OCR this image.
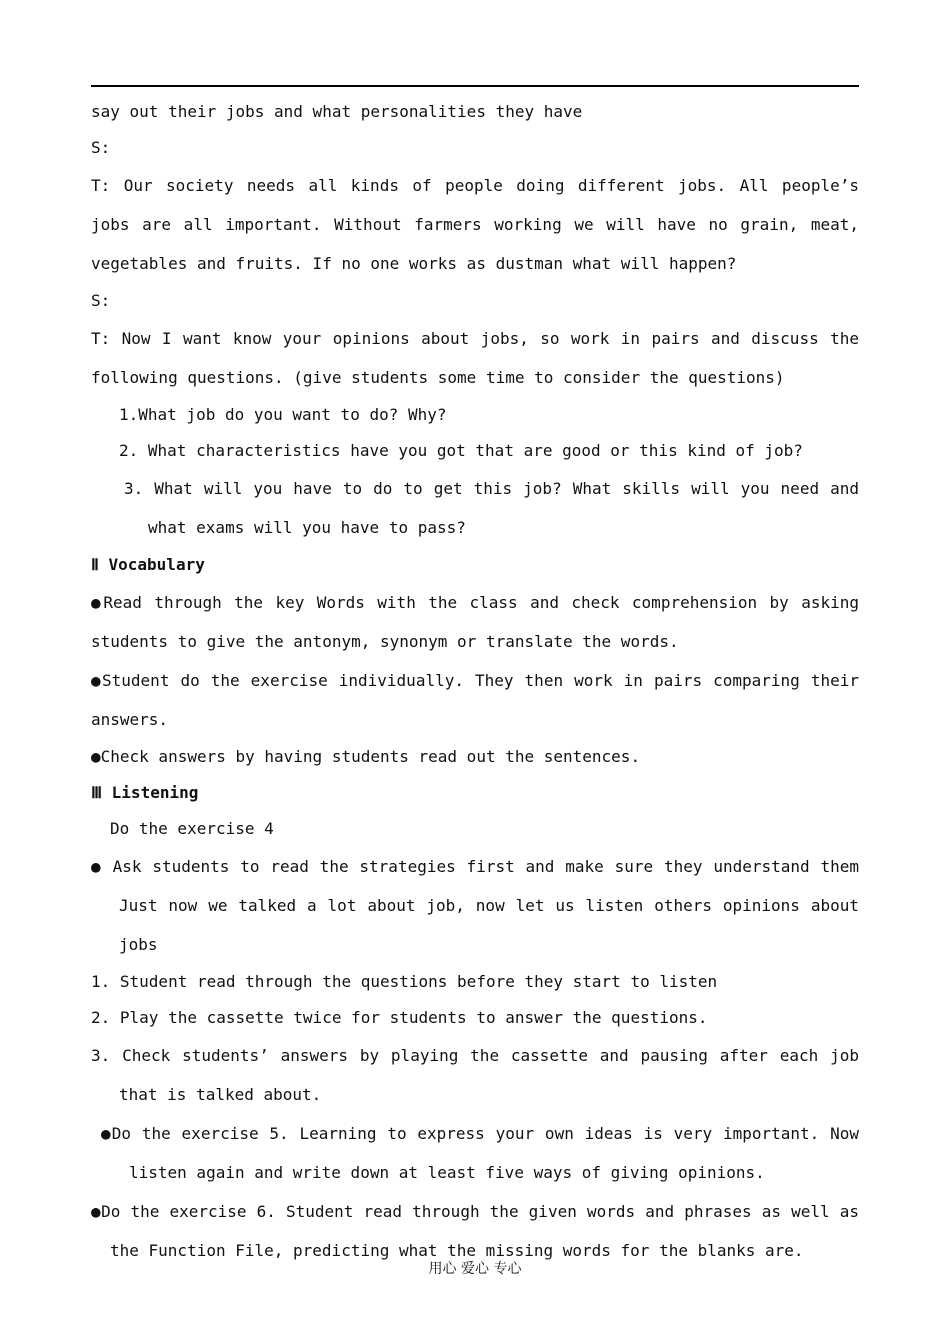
say out their jobs and what personalities they have

S:

T: Our society needs all kinds of people doing different jobs. All people’s jobs are all important. Without farmers working we will have no grain, meat, vegetables and fruits. If no one works as dustman what will happen?

S:

T: Now I want know your opinions about jobs, so work in pairs and discuss the following questions. (give students some time to consider the questions)

1.What job do you want to do? Why?

2. What characteristics have you got that are good or this kind of job?

3. What will you have to do to get this job? What skills will you need and what exams will you have to pass?

Ⅱ Vocabulary

●Read through the key Words with the class and check comprehension by asking students to give the antonym, synonym or translate the words.

●Student do the exercise individually. They then work in pairs comparing their answers.

●Check answers by having students read out the sentences.

Ⅲ Listening

Do the exercise 4

● Ask students to read the strategies first and make sure they understand them Just now we talked a lot about job, now let us listen others opinions about jobs

1. Student read through the questions before they start to listen

2. Play the cassette twice for students to answer the questions.

3. Check students’ answers by playing the cassette and pausing after each job that is talked about.

●Do the exercise 5. Learning to express your own ideas is very important. Now listen again and write down at least five ways of giving opinions.

●Do the exercise 6. Student read through the given words and phrases as well as the Function File, predicting what the missing words for the blanks are.

用心 爱心 专心
